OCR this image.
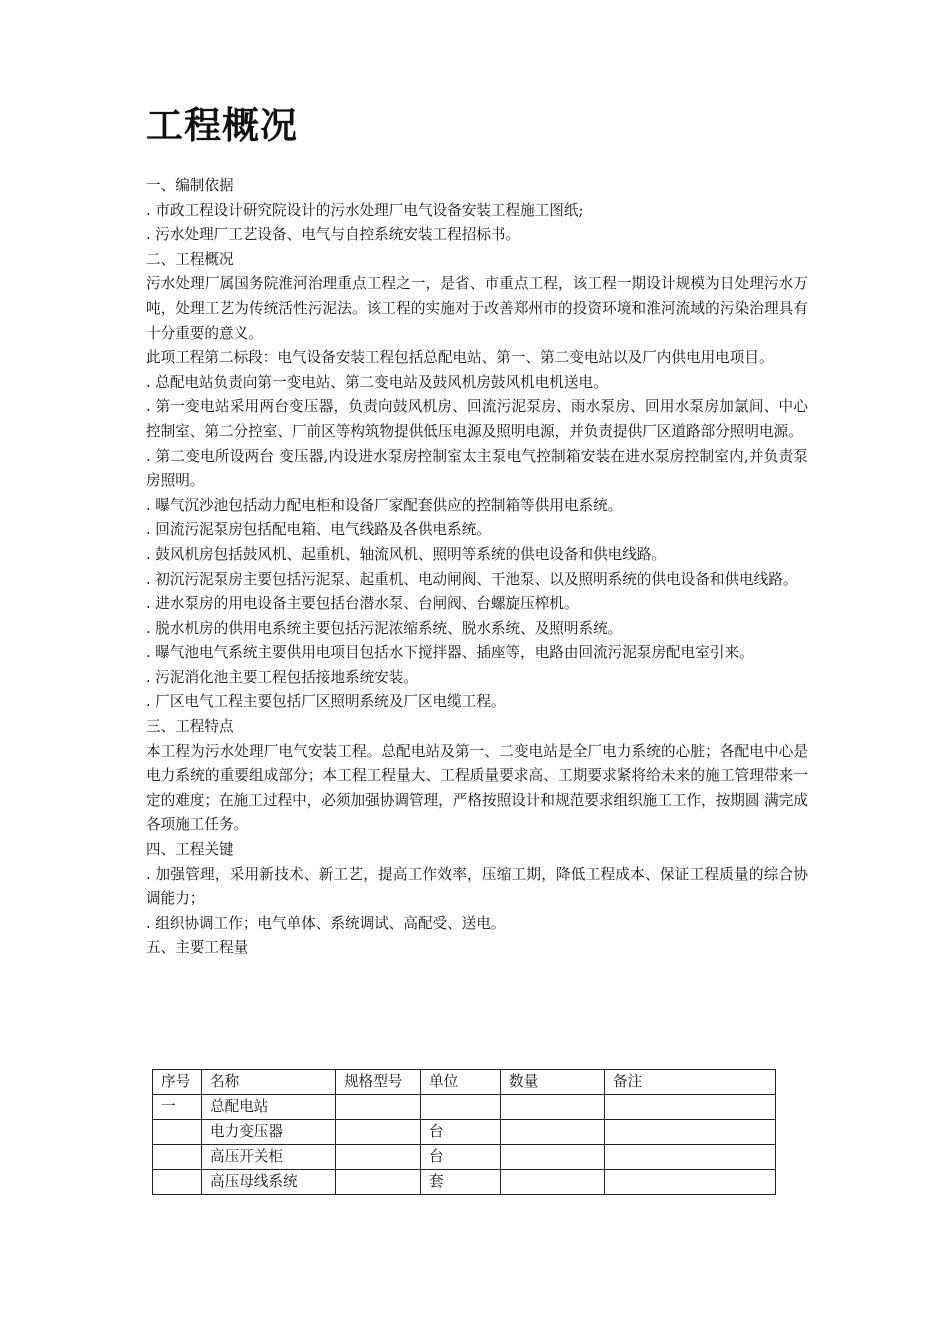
工程概况

一、编制依据

. 市政工程设计研究院设计的污水处理厂电气设备安装工程施工图纸;

. 污水处理厂工艺设备、电气与自控系统安装工程招标书。

二、工程概况

污水处理厂属国务院淮河治理重点工程之一，是省、市重点工程，该工程一期设计规模为日处理污水万吨，处理工艺为传统活性污泥法。该工程的实施对于改善郑州市的投资环境和淮河流域的污染治理具有十分重要的意义。

此项工程第二标段：电气设备安装工程包括总配电站、第一、第二变电站以及厂内供电用电项目。

. 总配电站负责向第一变电站、第二变电站及鼓风机房鼓风机电机送电。

. 第一变电站采用两台变压器，负责向鼓风机房、回流污泥泵房、雨水泵房、回用水泵房加氯间、中心控制室、第二分控室、厂前区等构筑物提供低压电源及照明电源，并负责提供厂区道路部分照明电源。

. 第二变电所设两台 变压器,内设进水泵房控制室太主泵电气控制箱安装在进水泵房控制室内,并负责泵房照明。

. 曝气沉沙池包括动力配电柜和设备厂家配套供应的控制箱等供用电系统。

. 回流污泥泵房包括配电箱、电气线路及各供电系统。

. 鼓风机房包括鼓风机、起重机、轴流风机、照明等系统的供电设备和供电线路。

. 初沉污泥泵房主要包括污泥泵、起重机、电动闸阀、干池泵、以及照明系统的供电设备和供电线路。

. 进水泵房的用电设备主要包括台潜水泵、台闸阀、台螺旋压榨机。

. 脱水机房的供用电系统主要包括污泥浓缩系统、脱水系统、及照明系统。

. 曝气池电气系统主要供用电项目包括水下搅拌器、插座等，电路由回流污泥泵房配电室引来。

. 污泥消化池主要工程包括接地系统安装。

. 厂区电气工程主要包括厂区照明系统及厂区电缆工程。

三、工程特点

本工程为污水处理厂电气安装工程。总配电站及第一、二变电站是全厂电力系统的心脏；各配电中心是电力系统的重要组成部分；本工程工程量大、工程质量要求高、工期要求紧将给未来的施工管理带来一定的难度；在施工过程中，必须加强协调管理，严格按照设计和规范要求组织施工工作，按期圆 满完成各项施工任务。

四、工程关键

. 加强管理，采用新技术、新工艺，提高工作效率，压缩工期，降低工程成本、保证工程质量的综合协调能力；

. 组织协调工作；电气单体、系统调试、高配受、送电。

五、主要工程量

序号	名称	规格型号	单位	数量	备注
一	总配电站				
	电力变压器		台		
	高压开关柜		台		
	高压母线系统		套		
